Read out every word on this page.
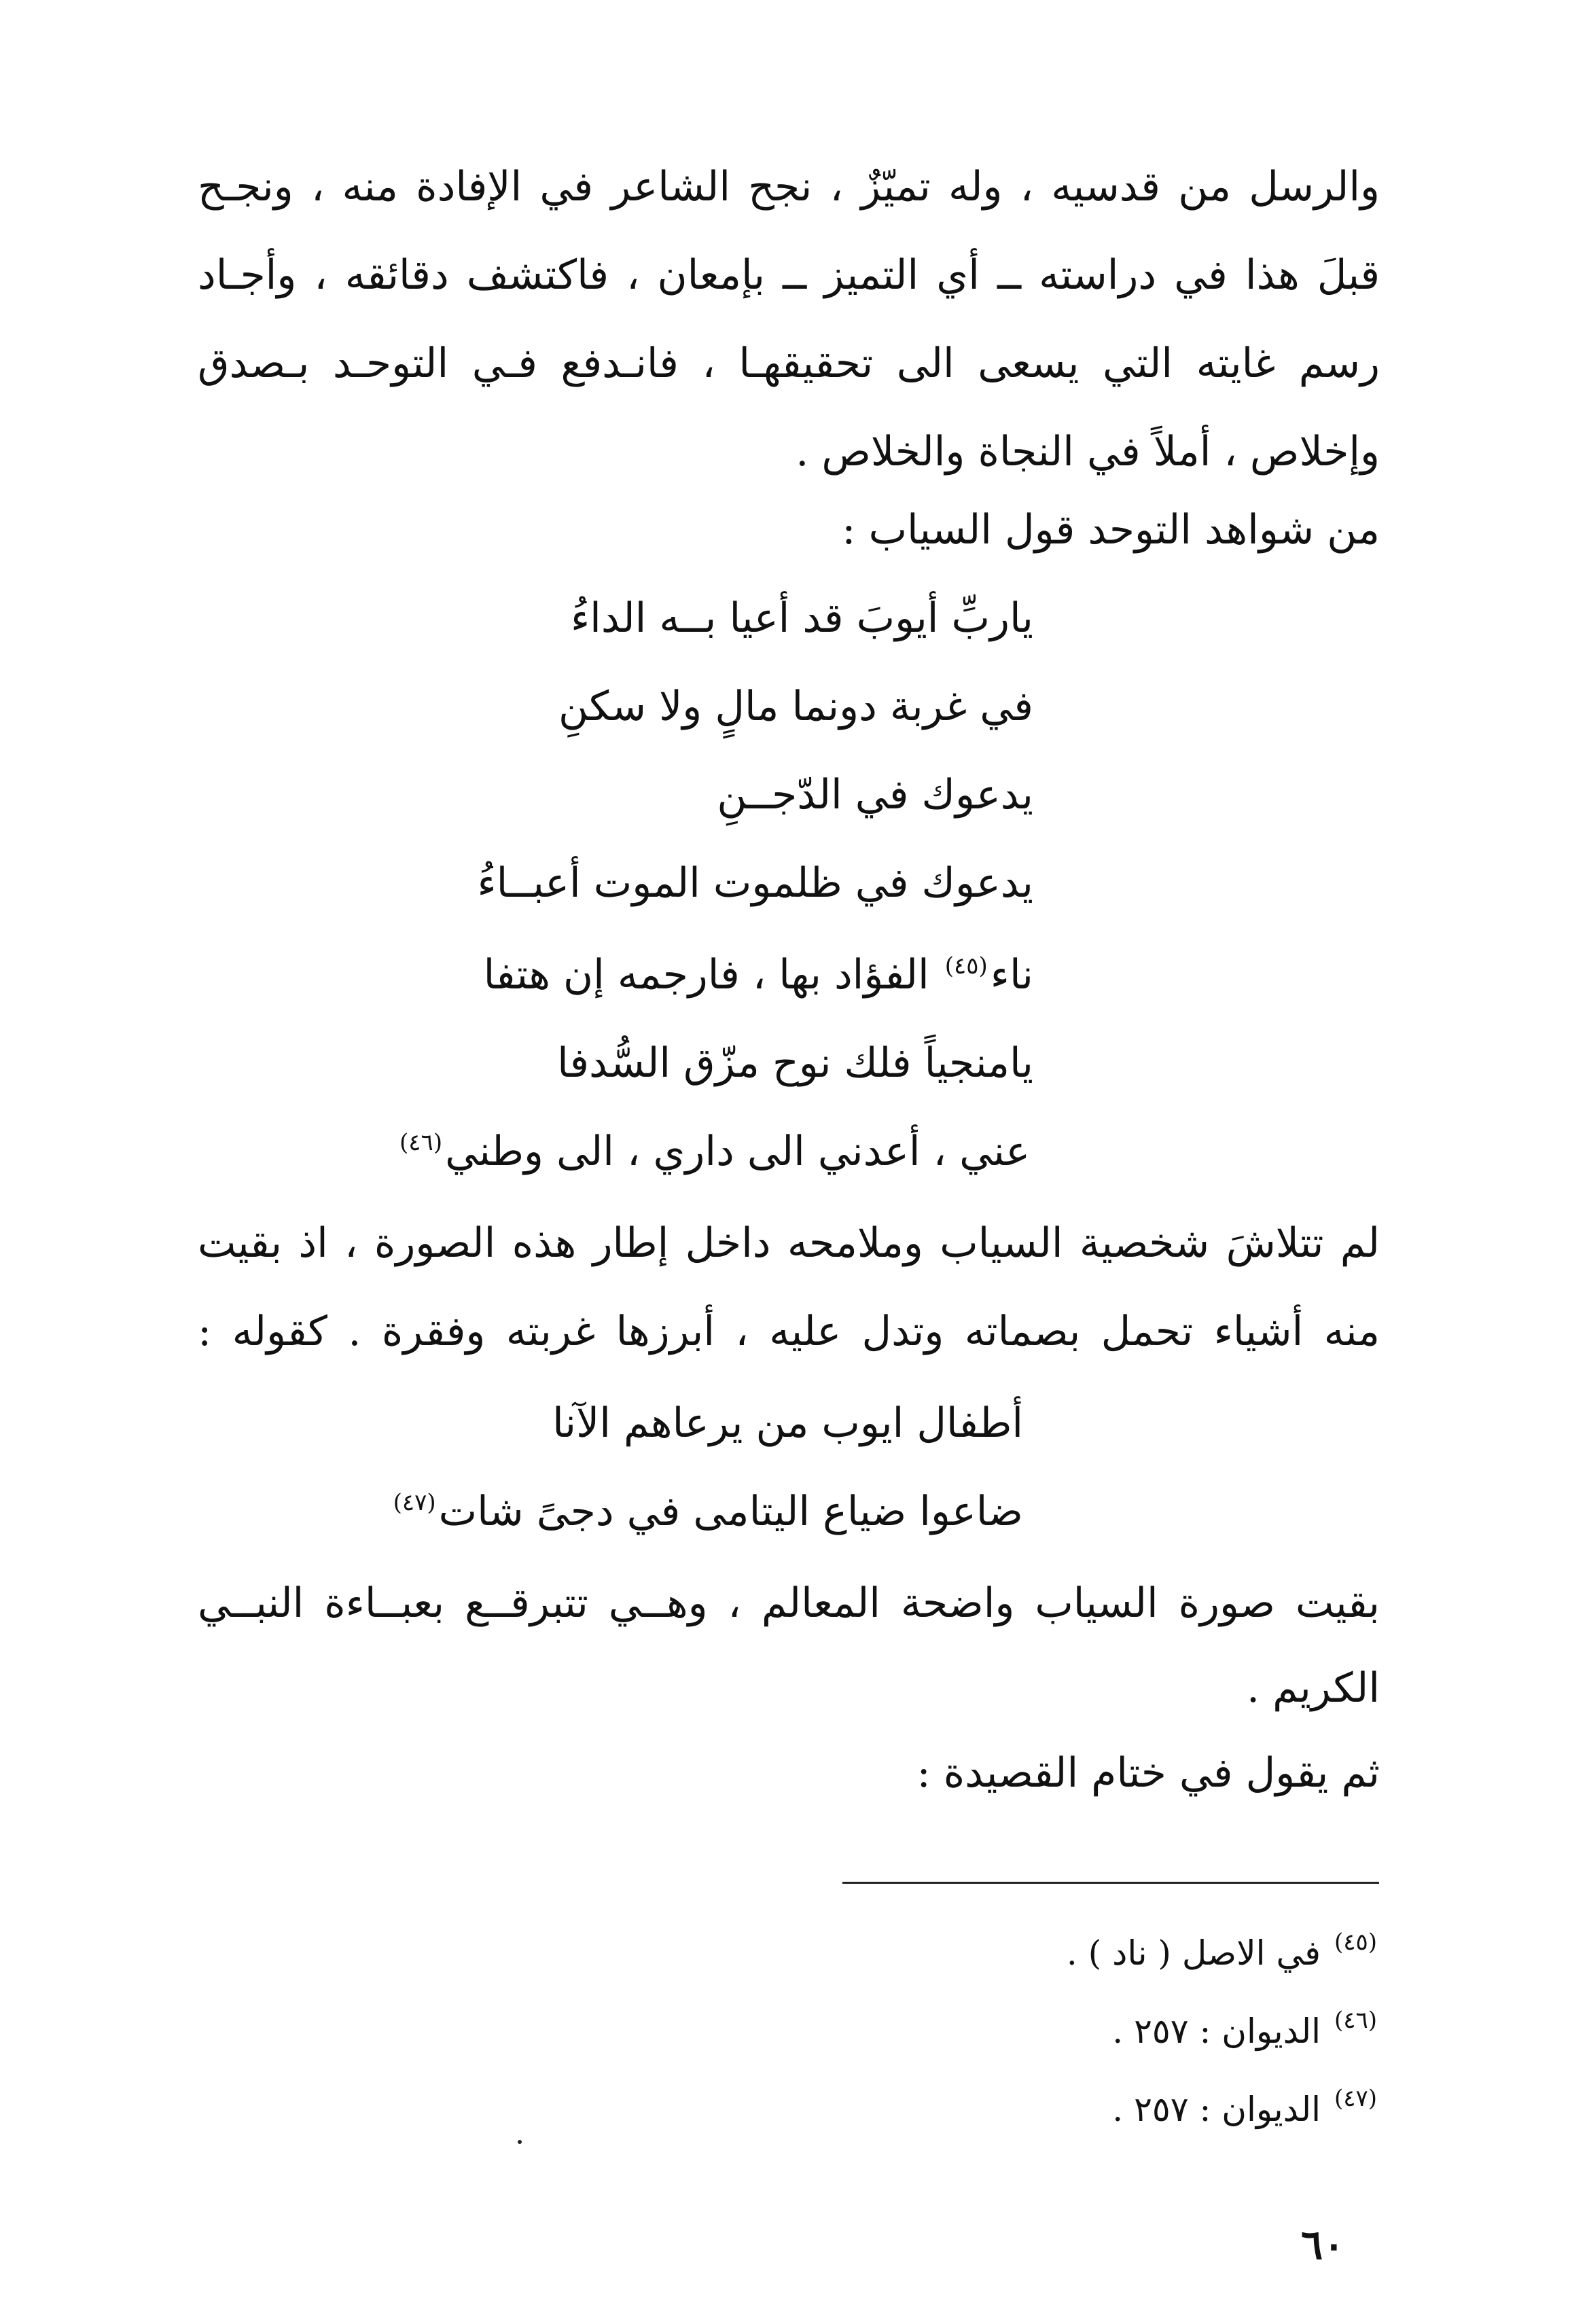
والرسل من قدسيه ، وله تميّزٌ ، نجح الشاعر في الإفادة منه ، ونجـح
قبلَ هذا في دراسته ــ أي التميز ــ بإمعان ، فاكتشف دقائقه ، وأجـاد
رسم غايته التي يسعى الى تحقيقهـا ، فانـدفع فـي التوحـد بـصدق
وإخلاص ، أملاً في النجاة والخلاص .
من شواهد التوحد قول السياب :
ياربِّ أيوبَ قد أعيا بــه الداءُ
في غربة دونما مالٍ ولا سكنِ
يدعوك في الدّجــنِ
يدعوك في ظلموت الموت أعبــاءُ
ناء$^{(٤٥)}$ الفؤاد بها ، فارجمه إن هتفا
يامنجياً فلك نوح مزّق السُّدفا
عني ، أعدني الى داري ، الى وطني$^{(٤٦)}$
لم تتلاشَ شخصية السياب وملامحه داخل إطار هذه الصورة ، اذ بقيت
منه أشياء تحمل بصماته وتدل عليه ، أبرزها غربته وفقرة . كقوله :
أطفال ايوب من يرعاهم الآنا
ضاعوا ضياع اليتامى في دجىً شات$^{(٤٧)}$
بقيت صورة السياب واضحة المعالم ، وهــي تتبرقــع بعبــاءة النبــي
الكريم .
ثم يقول في ختام القصيدة :
$^{(٤٥)}$ في الاصل ( ناد ) .
$^{(٤٦)}$ الديوان : ٢٥٧ .
$^{(٤٧)}$ الديوان : ٢٥٧ .
٦٠
